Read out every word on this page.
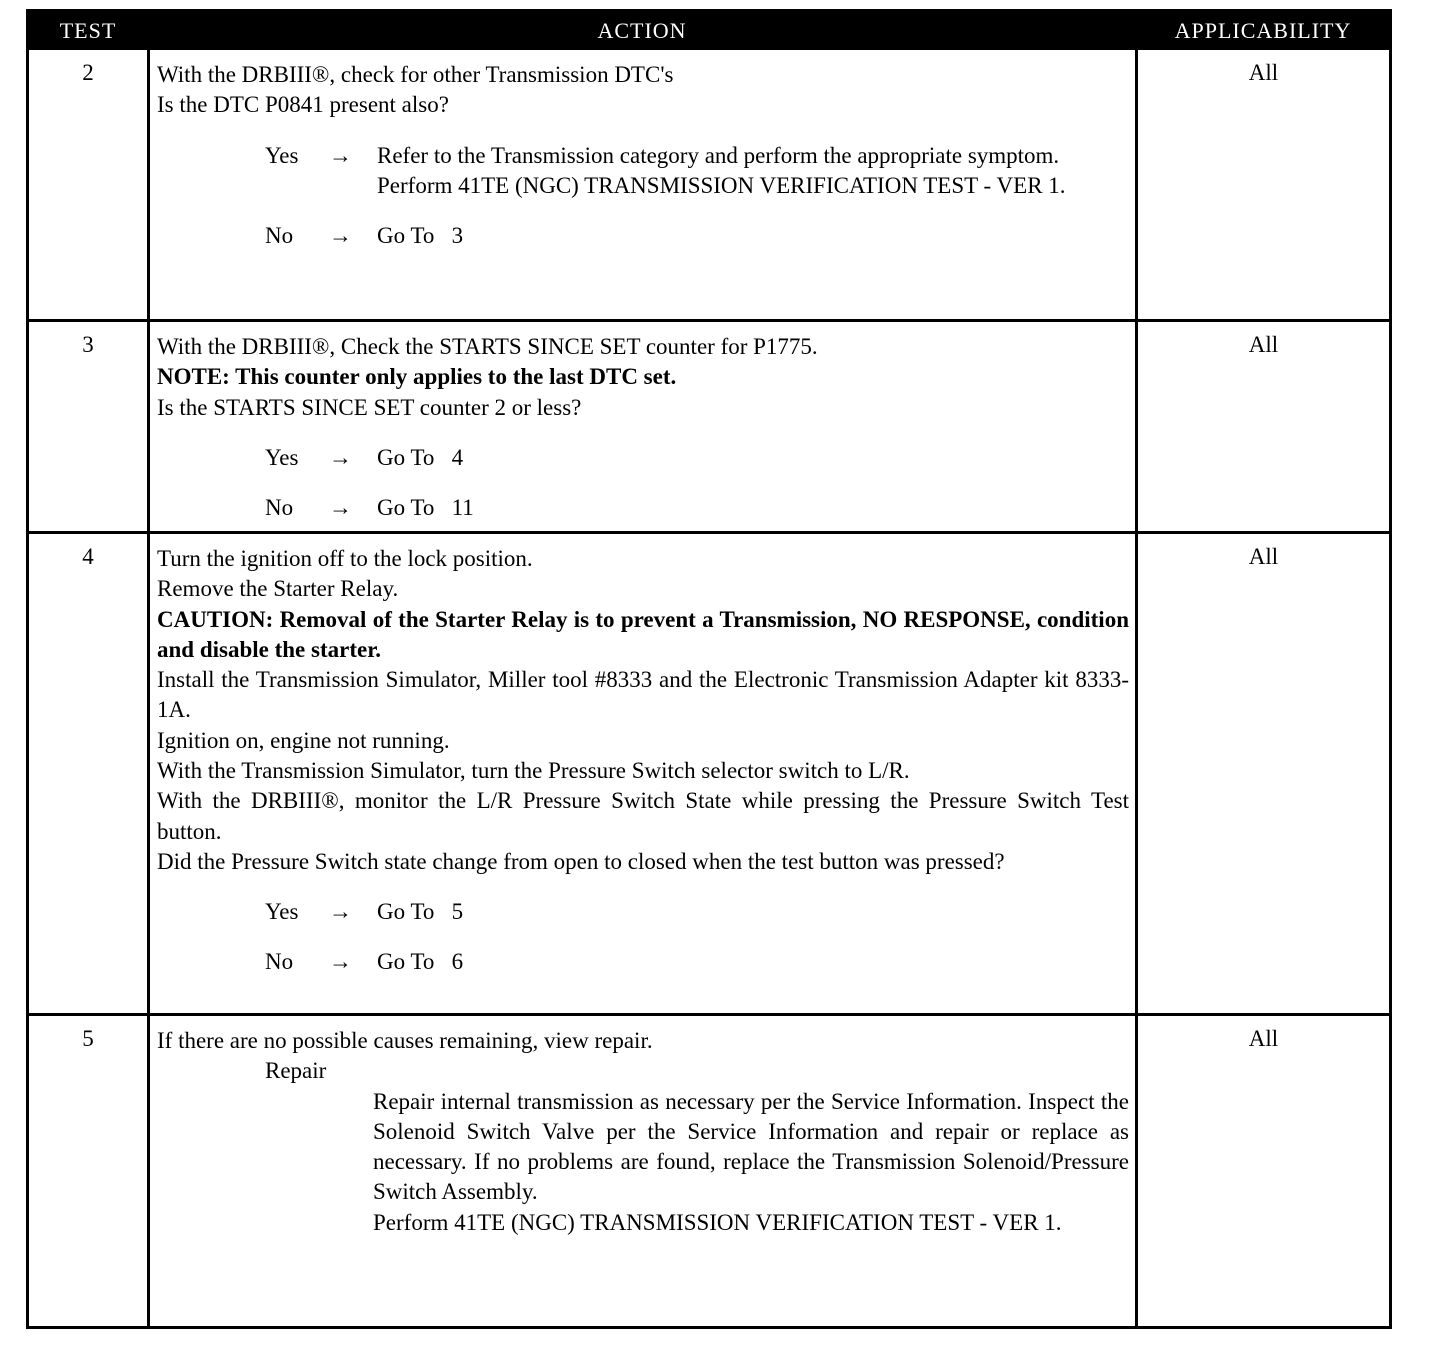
TEST	ACTION	APPLICABILITY
2	With the DRBIII®, check for other Transmission DTC's

Is the DTC P0841 present also?

Yes → Refer to the Transmission category and perform the appropriate symptom.
Perform 41TE (NGC) TRANSMISSION VERIFICATION TEST - VER 1.
No → Go To   3
All
3	With the DRBIII®, Check the STARTS SINCE SET counter for P1775.

NOTE: This counter only applies to the last DTC set.

Is the STARTS SINCE SET counter 2 or less?

Yes → Go To   4
No → Go To   11
All
4	Turn the ignition off to the lock position.

Remove the Starter Relay.

CAUTION: Removal of the Starter Relay is to prevent a Transmission, NO RESPONSE, condition and disable the starter.

Install the Transmission Simulator, Miller tool #8333 and the Electronic Transmission Adapter kit 8333-1A.

Ignition on, engine not running.

With the Transmission Simulator, turn the Pressure Switch selector switch to L/R.

With the DRBIII®, monitor the L/R Pressure Switch State while pressing the Pressure Switch Test button.

Did the Pressure Switch state change from open to closed when the test button was pressed?

Yes → Go To   5
No → Go To   6
All
5	If there are no possible causes remaining, view repair.

Repair

Repair internal transmission as necessary per the Service Information. Inspect the Solenoid Switch Valve per the Service Information and repair or replace as necessary. If no problems are found, replace the Transmission Solenoid/Pressure Switch Assembly.

Perform 41TE (NGC) TRANSMISSION VERIFICATION TEST - VER 1.

All
